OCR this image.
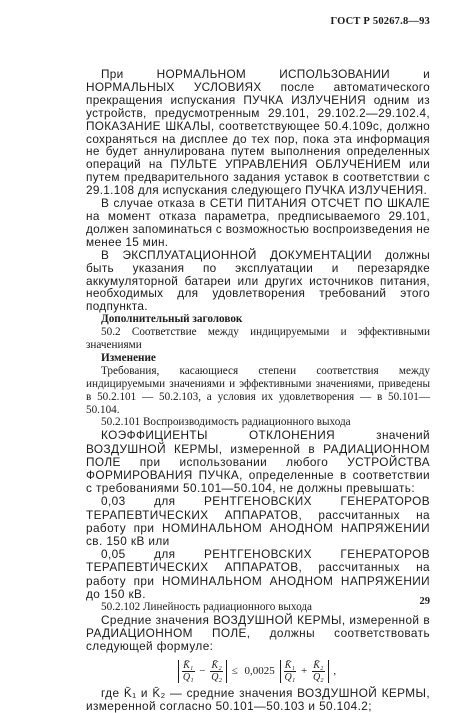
ГОСТ Р 50267.8—93

При НОРМАЛЬНОМ ИСПОЛЬЗОВАНИИ и НОРМАЛЬНЫХ УСЛОВИЯХ после автоматического прекращения испускания ПУЧКА ИЗЛУЧЕНИЯ одним из устройств, предусмотренным 29.101, 29.102.2—29.102.4, ПОКАЗАНИЕ ШКАЛЫ, соответствующее 50.4.109с, должно сохраняться на дисплее до тех пор, пока эта информация не будет аннулирована путем выполнения определенных операций на ПУЛЬТЕ УПРАВЛЕНИЯ ОБЛУЧЕНИЕМ или путем предварительного задания уставок в соответствии с 29.1.108 для испускания следующего ПУЧКА ИЗЛУЧЕНИЯ.

В случае отказа в СЕТИ ПИТАНИЯ ОТСЧЕТ ПО ШКАЛЕ на момент отказа параметра, предписываемого 29.101, должен запоминаться с возможностью воспроизведения не менее 15 мин.

В ЭКСПЛУАТАЦИОННОЙ ДОКУМЕНТАЦИИ должны быть указания по эксплуатации и перезарядке аккумуляторной батареи или других источников питания, необходимых для удовлетворения требований этого подпункта.

Дополнительный заголовок

50.2 Соответствие между индицируемыми и эффективными значениями

Изменение

Требования, касающиеся степени соответствия между индицируемыми значениями и эффективными значениями, приведены в 50.2.101 — 50.2.103, а условия их удовлетворения — в 50.101—50.104.

50.2.101 Воспроизводимость радиационного выхода

КОЭФФИЦИЕНТЫ ОТКЛОНЕНИЯ значений ВОЗДУШНОЙ КЕРМЫ, измеренной в РАДИАЦИОННОМ ПОЛЕ при использовании любого УСТРОЙСТВА ФОРМИРОВАНИЯ ПУЧКА, определенные в соответствии с требованиями 50.101—50.104, не должны превышать:

0,03 для РЕНТГЕНОВСКИХ ГЕНЕРАТОРОВ ТЕРАПЕВТИЧЕСКИХ АППАРАТОВ, рассчитанных на работу при НОМИНАЛЬНОМ АНОДНОМ НАПРЯЖЕНИИ св. 150 кВ или

0,05 для РЕНТГЕНОВСКИХ ГЕНЕРАТОРОВ ТЕРАПЕВТИЧЕСКИХ АППАРАТОВ, рассчитанных на работу при НОМИНАЛЬНОМ АНОДНОМ НАПРЯЖЕНИИ до 150 кВ.

50.2.102 Линейность радиационного выхода

Средние значения ВОЗДУШНОЙ КЕРМЫ, измеренной в РАДИАЦИОННОМ ПОЛЕ, должны соответствовать следующей формуле:

$\frac{\text{K̄₁}}{\text{Q₁}} - \frac{\text{K̄₂}}{\text{Q₂}} \le 0,0025 \frac{\text{K̄₁}}{\text{Q₁}} + \frac{\text{K̄₂}}{\text{Q₂}}$ ,

где K̄₁ и K̄₂ — средние значения ВОЗДУШНОЙ КЕРМЫ, измеренной согласно 50.101—50.103 и 50.104.2;

29
